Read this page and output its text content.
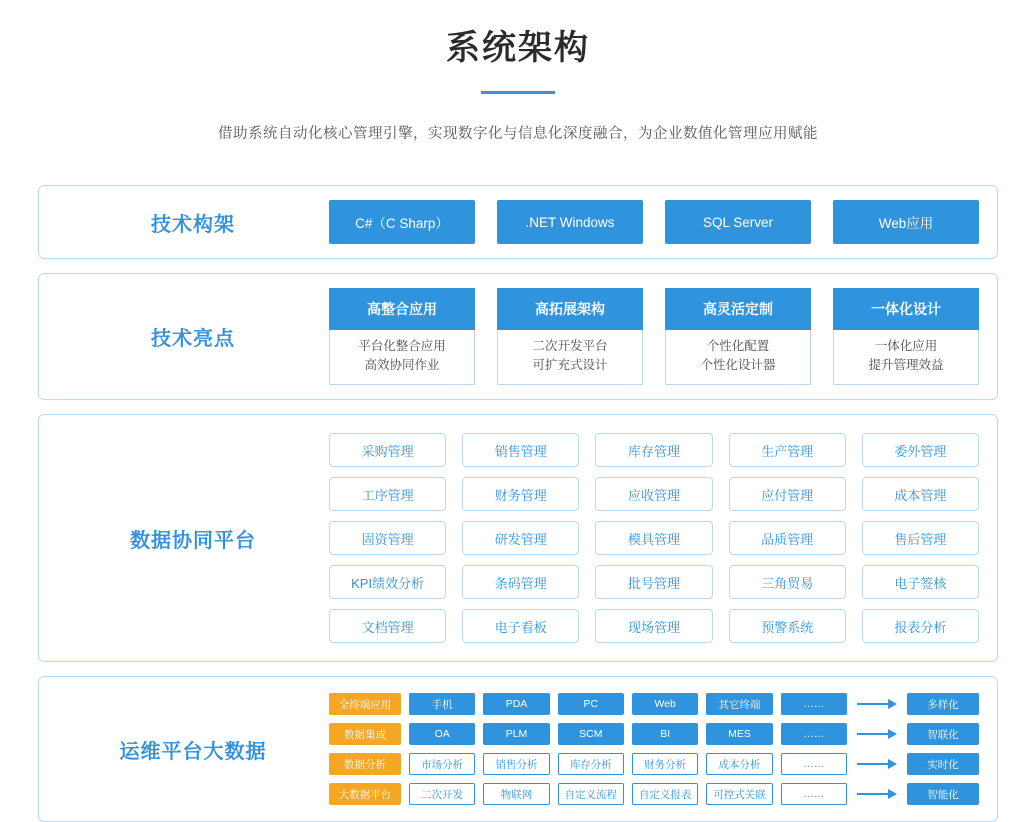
系统架构
借助系统自动化核心管理引擎，实现数字化与信息化深度融合，为企业数值化管理应用赋能
技术构架	C#（C Sharp）	.NET Windows	SQL Server	Web应用
技术亮点
高整合应用
平台化整合应用
高效协同作业
高拓展架构
二次开发平台
可扩充式设计
高灵活定制
个性化配置
个性化设计器
一体化设计
一体化应用
提升管理效益
数据协同平台
采购管理	销售管理	库存管理	生产管理	委外管理
工序管理	财务管理	应收管理	应付管理	成本管理
固资管理	研发管理	模具管理	品质管理	售后管理
KPI绩效分析	条码管理	批号管理	三角贸易	电子签核
文档管理	电子看板	现场管理	预警系统	报表分析
运维平台大数据
全终端应用	手机	PDA	PC	Web	其它终端	……	多样化
数据集成	OA	PLM	SCM	BI	MES	……	智联化
数据分析	市场分析	销售分析	库存分析	财务分析	成本分析	……	实时化
大数据平台	二次开发	物联网	自定义流程	自定义报表	可控式关联	……	智能化
